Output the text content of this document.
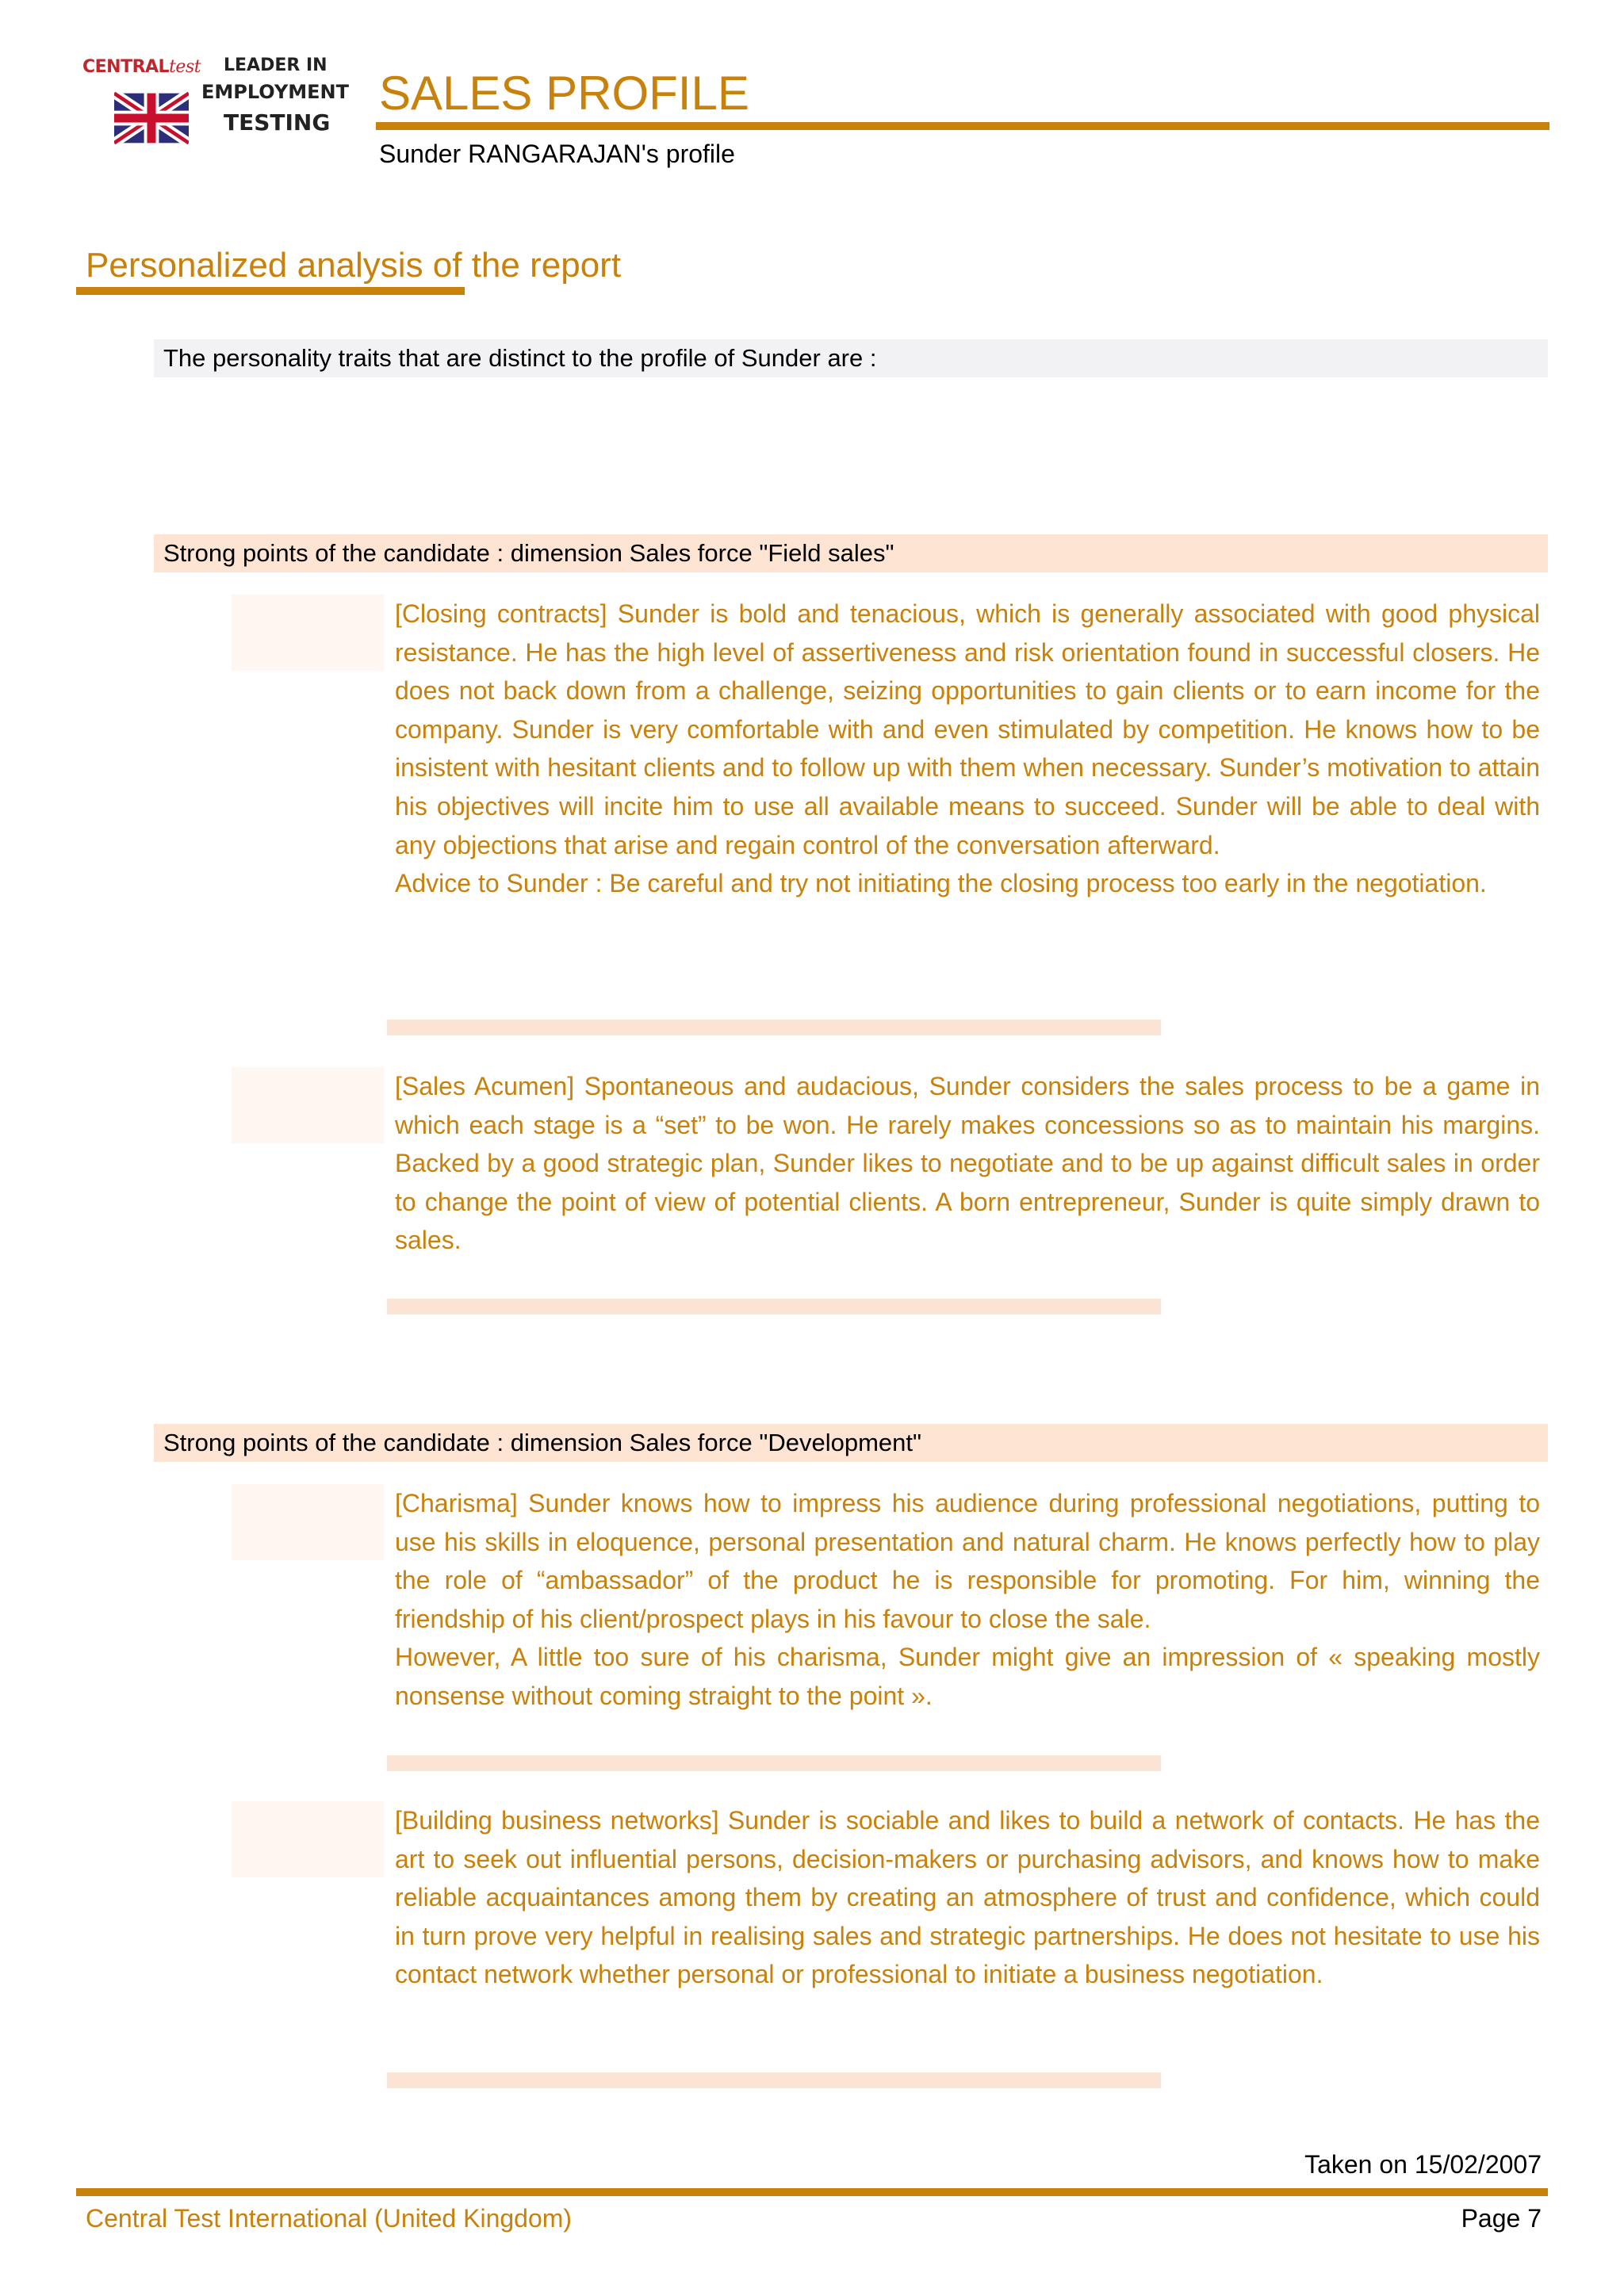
CENTRALtest LEADER IN
EMPLOYMENT
TESTING
SALES PROFILE
Sunder RANGARAJAN's profile
Personalized analysis of the report
The personality traits that are distinct to the profile of Sunder are :
Strong points of the candidate : dimension Sales force "Field sales"

[Closing contracts] Sunder is bold and tenacious, which is generally associated with good physical resistance. He has the high level of assertiveness and risk orientation found in successful closers. He does not back down from a challenge, seizing opportunities to gain clients or to earn income for the company. Sunder is very comfortable with and even stimulated by competition. He knows how to be insistent with hesitant clients and to follow up with them when necessary. Sunder’s motivation to attain his objectives will incite him to use all available means to succeed. Sunder will be able to deal with any objections that arise and regain control of the conversation afterward.

Advice to Sunder : Be careful and try not initiating the closing process too early in the negotiation.

[Sales Acumen] Spontaneous and audacious, Sunder considers the sales process to be a game in which each stage is a “set” to be won. He rarely makes concessions so as to maintain his margins. Backed by a good strategic plan, Sunder likes to negotiate and to be up against difficult sales in order to change the point of view of potential clients. A born entrepreneur, Sunder is quite simply drawn to sales.

Strong points of the candidate : dimension Sales force "Development"

[Charisma] Sunder knows how to impress his audience during professional negotiations, putting to use his skills in eloquence, personal presentation and natural charm. He knows perfectly how to play the role of “ambassador” of the product he is responsible for promoting. For him, winning the friendship of his client/prospect plays in his favour to close the sale.

However, A little too sure of his charisma, Sunder might give an impression of « speaking mostly nonsense without coming straight to the point ».

[Building business networks] Sunder is sociable and likes to build a network of contacts. He has the art to seek out influential persons, decision-makers or purchasing advisors, and knows how to make reliable acquaintances among them by creating an atmosphere of trust and confidence, which could in turn prove very helpful in realising sales and strategic partnerships. He does not hesitate to use his contact network whether personal or professional to initiate a business negotiation.

Taken on 15/02/2007
Central Test International (United Kingdom)	Page 7
